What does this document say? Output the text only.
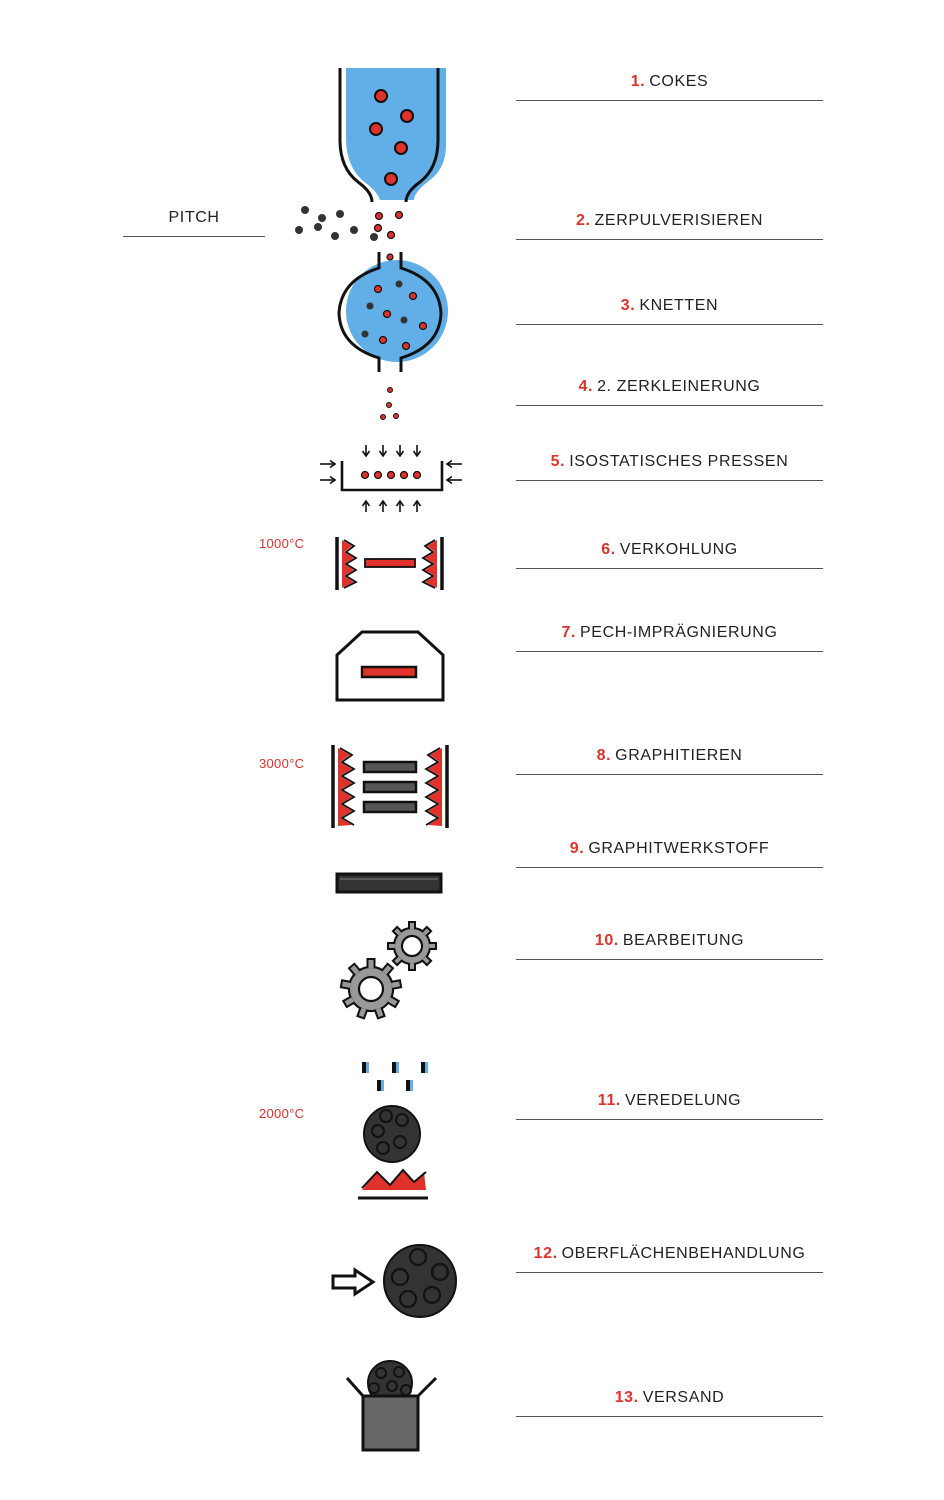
1. COKES
2. ZERPULVERISIEREN
3. KNETTEN
4. 2. ZERKLEINERUNG
5. ISOSTATISCHES PRESSEN
6. VERKOHLUNG
7. PECH-IMPRÄGNIERUNG
8. GRAPHITIEREN
9. GRAPHITWERKSTOFF
10. BEARBEITUNG
11. VEREDELUNG
12. OBERFLÄCHENBEHANDLUNG
13. VERSAND
PITCH
1000°C
3000°C
2000°C
